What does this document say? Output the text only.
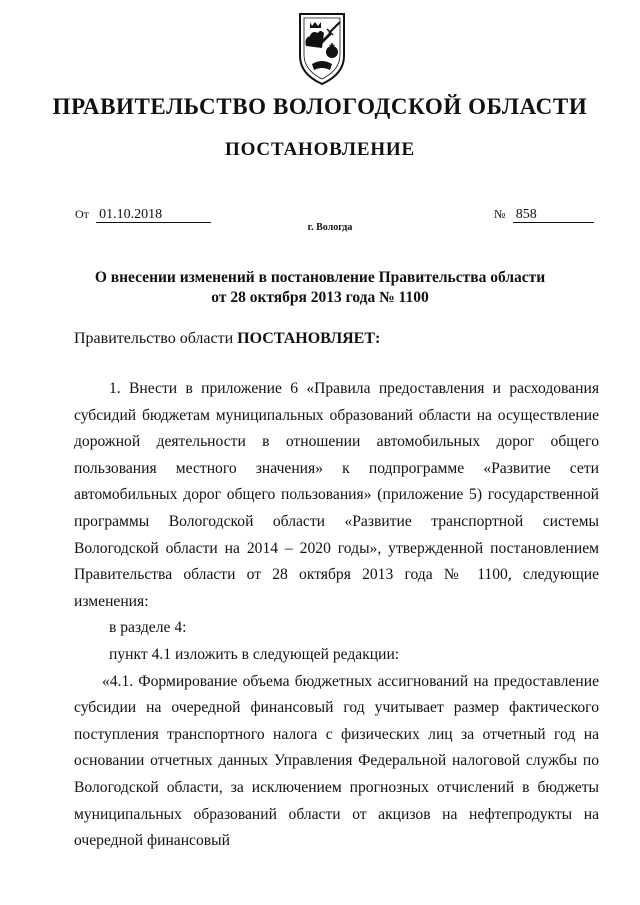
ПРАВИТЕЛЬСТВО ВОЛОГОДСКОЙ ОБЛАСТИ
ПОСТАНОВЛЕНИЕ
От 01.10.2018	№ 858
г. Вологда
О внесении изменений в постановление Правительства области
от 28 октября 2013 года № 1100
Правительство области ПОСТАНОВЛЯЕТ:

1. Внести в приложение 6 «Правила предоставления и расходования субсидий бюджетам муниципальных образований области на осуществление дорожной деятельности в отношении автомобильных дорог общего пользования местного значения» к подпрограмме «Развитие сети автомобильных дорог общего пользования» (приложение 5) государственной программы Вологодской области «Развитие транспортной системы Вологодской области на 2014 – 2020 годы», утвержденной постановлением Правительства области от 28 октября 2013 года № 1100, следующие изменения:

в разделе 4:

пункт 4.1 изложить в следующей редакции:

«4.1. Формирование объема бюджетных ассигнований на предоставление субсидии на очередной финансовый год учитывает размер фактического поступления транспортного налога с физических лиц за отчетный год на основании отчетных данных Управления Федеральной налоговой службы по Вологодской области, за исключением прогнозных отчислений в бюджеты муниципальных образований области от акцизов на нефтепродукты на очередной финансовый
